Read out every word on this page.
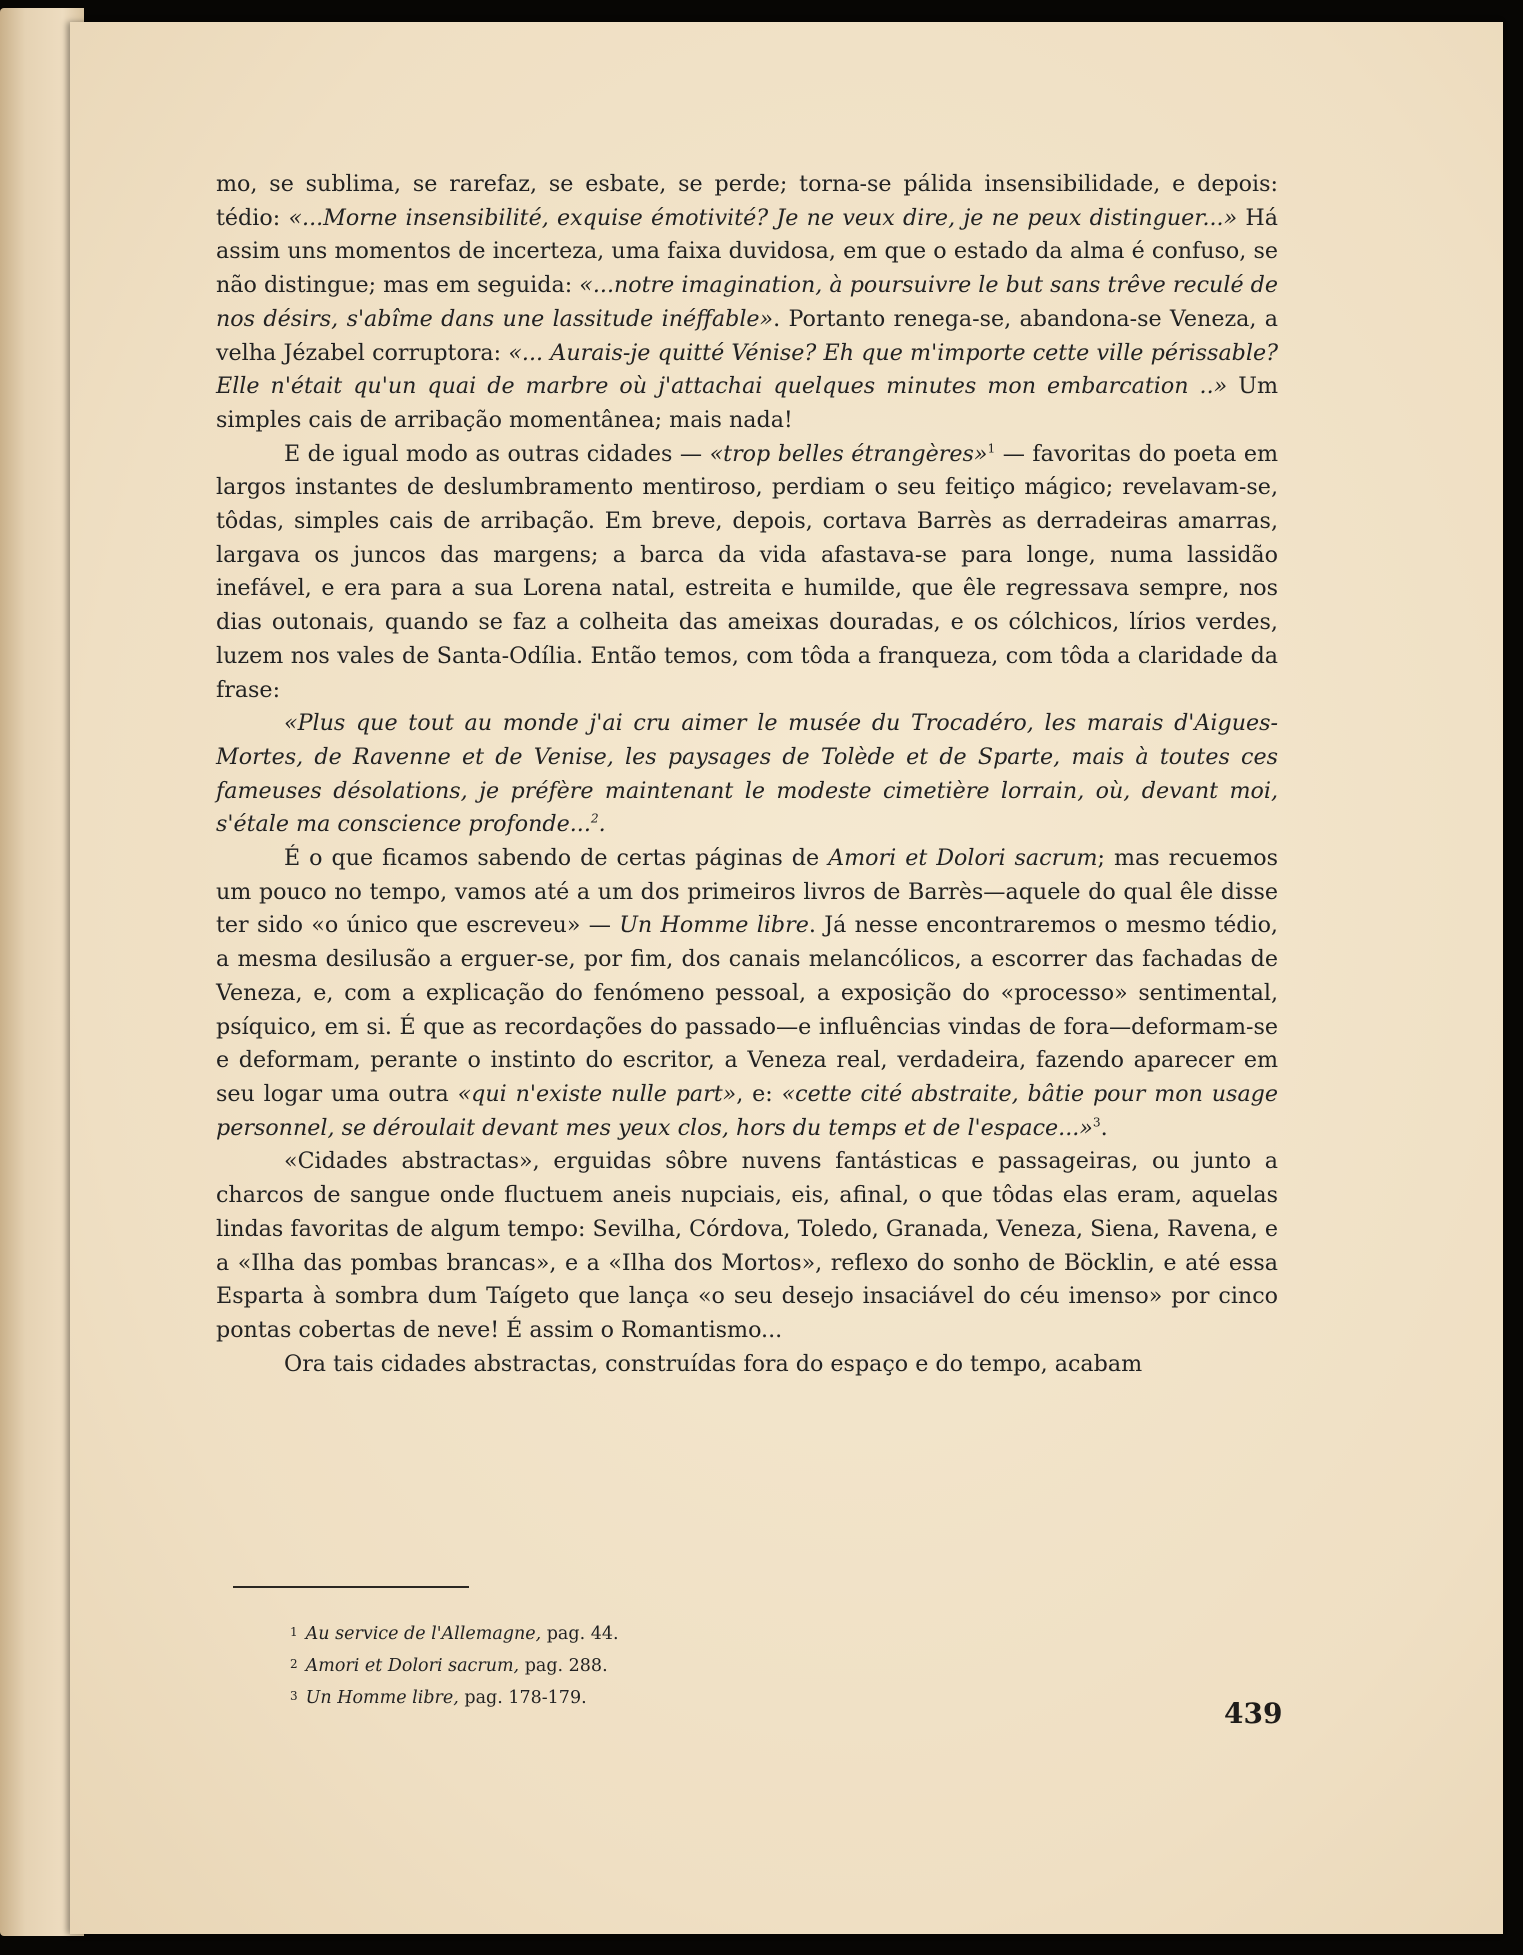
mo, se sublima, se rarefaz, se esbate, se perde; torna-se pálida insensibilidade, e depois: tédio: «...Morne insensibilité, exquise émotivité? Je ne veux dire, je ne peux distinguer...» Há assim uns momentos de incerteza, uma faixa duvidosa, em que o estado da alma é confuso, se não distingue; mas em seguida: «...notre imagination, à poursuivre le but sans trêve reculé de nos désirs, s'abîme dans une lassitude inéffable». Portanto renega-se, abandona-se Veneza, a velha Jézabel corruptora: «... Aurais-je quitté Vénise? Eh que m'importe cette ville périssable? Elle n'était qu'un quai de marbre où j'attachai quelques minutes mon embarcation ..» Um simples cais de arribação momentânea; mais nada!

E de igual modo as outras cidades — «trop belles étrangères»$^1$ — favoritas do poeta em largos instantes de deslumbramento mentiroso, perdiam o seu feitiço mágico; revelavam-se, tôdas, simples cais de arribação. Em breve, depois, cortava Barrès as derradeiras amarras, largava os juncos das margens; a barca da vida afastava-se para longe, numa lassidão inefável, e era para a sua Lorena natal, estreita e humilde, que êle regressava sempre, nos dias outonais, quando se faz a colheita das ameixas douradas, e os cólchicos, lírios verdes, luzem nos vales de Santa-Odília. Então temos, com tôda a franqueza, com tôda a claridade da frase:

«Plus que tout au monde j'ai cru aimer le musée du Trocadéro, les marais d'Aigues-Mortes, de Ravenne et de Venise, les paysages de Tolède et de Sparte, mais à toutes ces fameuses désolations, je préfère maintenant le modeste cimetière lorrain, où, devant moi, s'étale ma conscience profonde...$^2$.

É o que ficamos sabendo de certas páginas de Amori et Dolori sacrum; mas recuemos um pouco no tempo, vamos até a um dos primeiros livros de Barrès—aquele do qual êle disse ter sido «o único que escreveu» — Un Homme libre. Já nesse encontraremos o mesmo tédio, a mesma desilusão a erguer-se, por fim, dos canais melancólicos, a escorrer das fachadas de Veneza, e, com a explicação do fenómeno pessoal, a exposição do «processo» sentimental, psíquico, em si. É que as recordações do passado—e influências vindas de fora—deformam-se e deformam, perante o instinto do escritor, a Veneza real, verdadeira, fazendo aparecer em seu logar uma outra «qui n'existe nulle part», e: «cette cité abstraite, bâtie pour mon usage personnel, se déroulait devant mes yeux clos, hors du temps et de l'espace...»$^3$.

«Cidades abstractas», erguidas sôbre nuvens fantásticas e passageiras, ou junto a charcos de sangue onde fluctuem aneis nupciais, eis, afinal, o que tôdas elas eram, aquelas lindas favoritas de algum tempo: Sevilha, Córdova, Toledo, Granada, Veneza, Siena, Ravena, e a «Ilha das pombas brancas», e a «Ilha dos Mortos», reflexo do sonho de Böcklin, e até essa Esparta à sombra dum Taígeto que lança «o seu desejo insaciável do céu imenso» por cinco pontas cobertas de neve! É assim o Romantismo...

Ora tais cidades abstractas, construídas fora do espaço e do tempo, acabam

1 Au service de l'Allemagne, pag. 44.
2 Amori et Dolori sacrum, pag. 288.
3 Un Homme libre, pag. 178-179.	439
